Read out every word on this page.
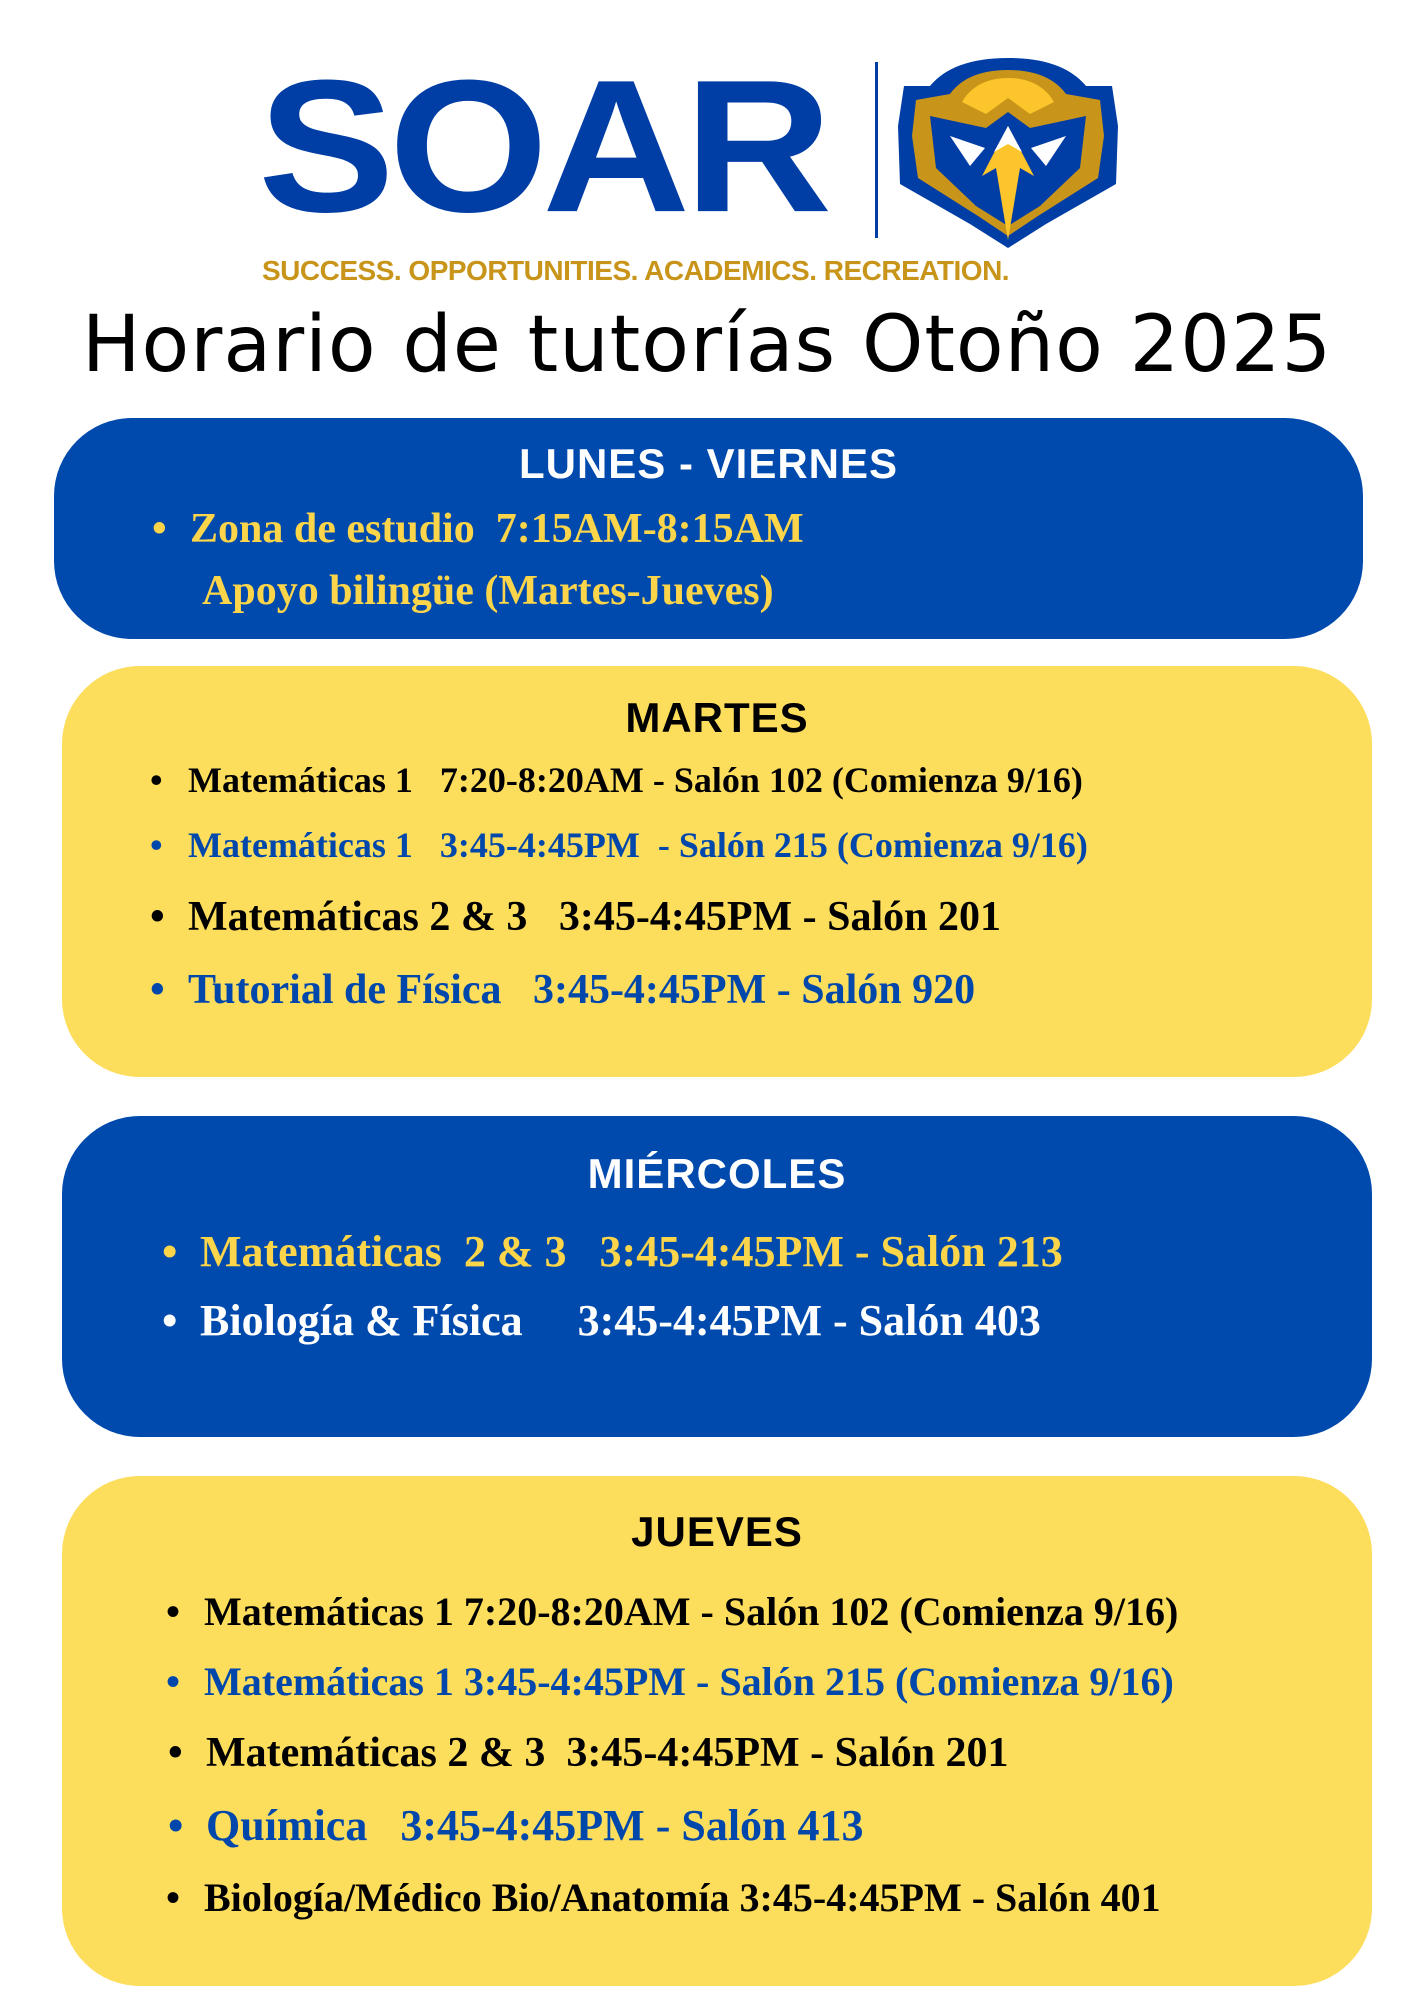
SOAR
SUCCESS. OPPORTUNITIES. ACADEMICS. RECREATION.
Horario de tutorías Otoño 2025
LUNES - VIERNES
• Zona de estudio  7:15AM-8:15AM
Apoyo bilingüe (Martes-Jueves)
MARTES
• Matemáticas 1   7:20-8:20AM - Salón 102 (Comienza 9/16)
• Matemáticas 1   3:45-4:45PM  - Salón 215 (Comienza 9/16)
• Matemáticas 2 & 3   3:45-4:45PM - Salón 201
• Tutorial de Física   3:45-4:45PM - Salón 920
MIÉRCOLES
• Matemáticas  2 & 3   3:45-4:45PM - Salón 213
• Biología & Física     3:45-4:45PM - Salón 403
JUEVES
• Matemáticas 1 7:20-8:20AM - Salón 102 (Comienza 9/16)
• Matemáticas 1 3:45-4:45PM - Salón 215 (Comienza 9/16)
• Matemáticas 2 & 3  3:45-4:45PM - Salón 201
• Química   3:45-4:45PM - Salón 413
• Biología/Médico Bio/Anatomía 3:45-4:45PM - Salón 401
